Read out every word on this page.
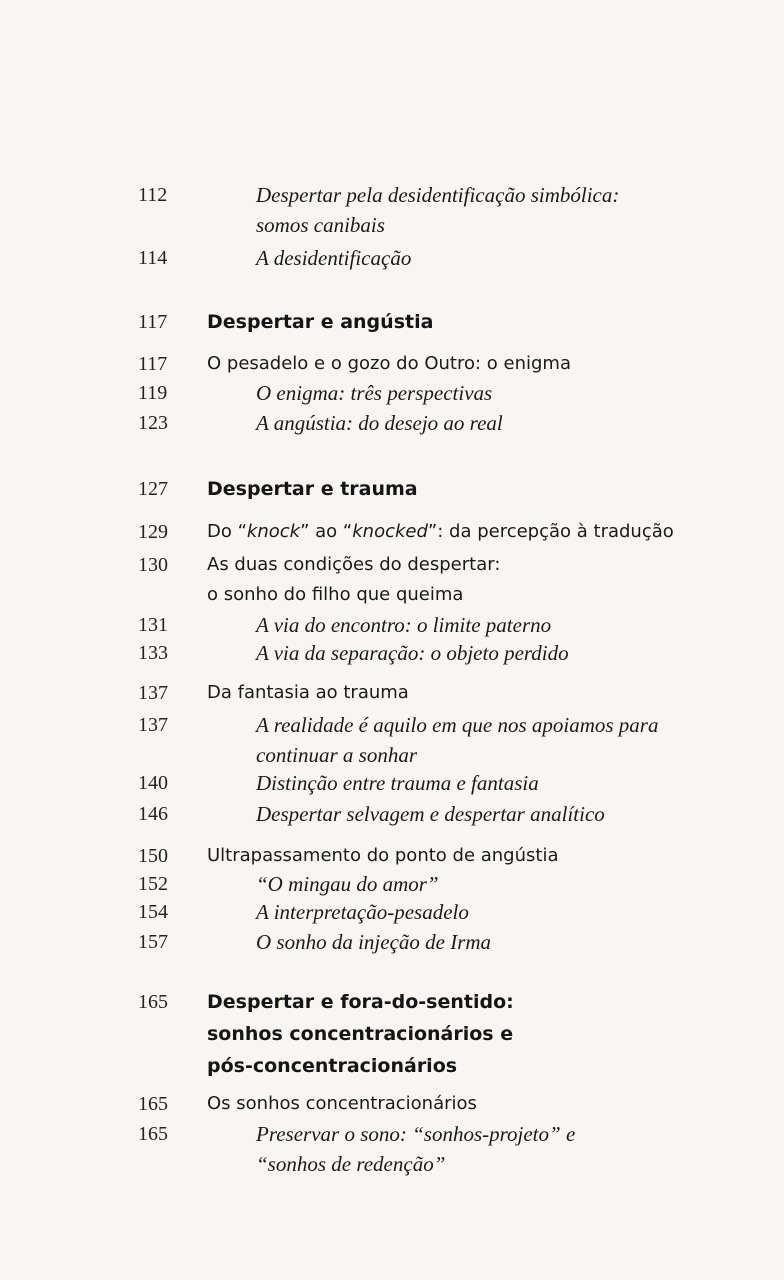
112	Despertar pela desidentificação simbólica:
somos canibais
114	A desidentificação
117 Despertar e angústia
117 O pesadelo e o gozo do Outro: o enigma
119	O enigma: três perspectivas
123	A angústia: do desejo ao real
127 Despertar e trauma
129 Do “knock” ao “knocked”: da percepção à tradução
130 As duas condições do despertar:
o sonho do filho que queima
131	A via do encontro: o limite paterno
133	A via da separação: o objeto perdido
137 Da fantasia ao trauma
137	A realidade é aquilo em que nos apoiamos para
continuar a sonhar
140	Distinção entre trauma e fantasia
146	Despertar selvagem e despertar analítico
150 Ultrapassamento do ponto de angústia
152	“O mingau do amor”
154	A interpretação-pesadelo
157	O sonho da injeção de Irma
165 Despertar e fora-do-sentido:
sonhos concentracionários e
pós-concentracionários
165 Os sonhos concentracionários
165	Preservar o sono: “sonhos-projeto” e
“sonhos de redenção”
